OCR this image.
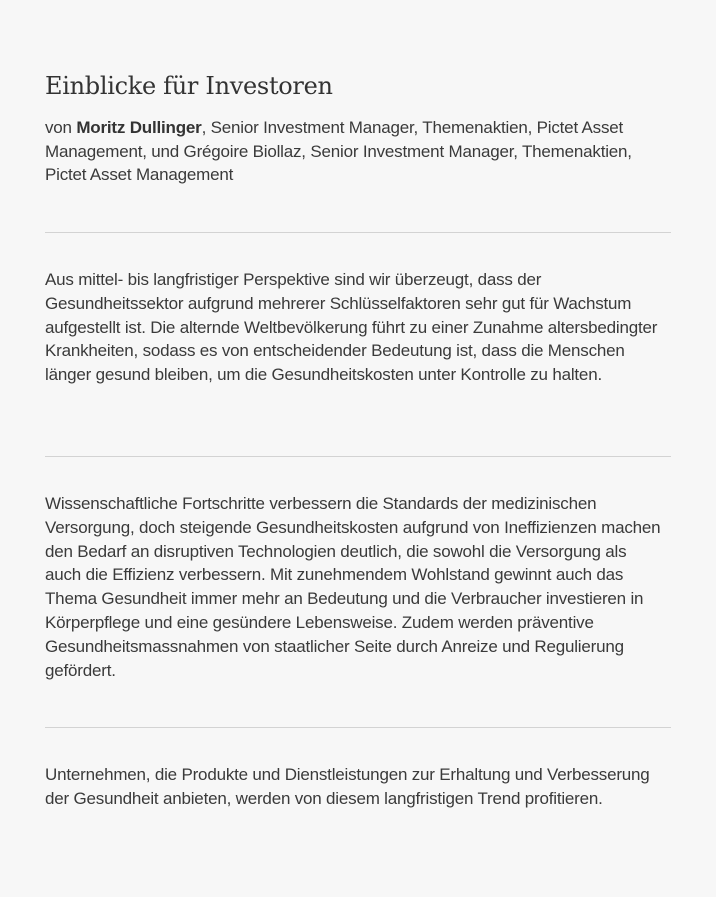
Einblicke für Investoren

von Moritz Dullinger, Senior Investment Manager, Themenaktien, Pictet Asset Management, und Grégoire Biollaz, Senior Investment Manager, Themenaktien, Pictet Asset Management

Aus mittel- bis langfristiger Perspektive sind wir überzeugt, dass der Gesundheitssektor aufgrund mehrerer Schlüsselfaktoren sehr gut für Wachstum aufgestellt ist. Die alternde Weltbevölkerung führt zu einer Zunahme altersbedingter Krankheiten, sodass es von entscheidender Bedeutung ist, dass die Menschen länger gesund bleiben, um die Gesundheitskosten unter Kontrolle zu halten.

Wissenschaftliche Fortschritte verbessern die Standards der medizinischen Versorgung, doch steigende Gesundheitskosten aufgrund von Ineffizienzen machen den Bedarf an disruptiven Technologien deutlich, die sowohl die Versorgung als auch die Effizienz verbessern. Mit zunehmendem Wohlstand gewinnt auch das Thema Gesundheit immer mehr an Bedeutung und die Verbraucher investieren in Körperpflege und eine gesündere Lebensweise. Zudem werden präventive Gesundheitsmassnahmen von staatlicher Seite durch Anreize und Regulierung gefördert.

Unternehmen, die Produkte und Dienstleistungen zur Erhaltung und Verbesserung der Gesundheit anbieten, werden von diesem langfristigen Trend profitieren.
